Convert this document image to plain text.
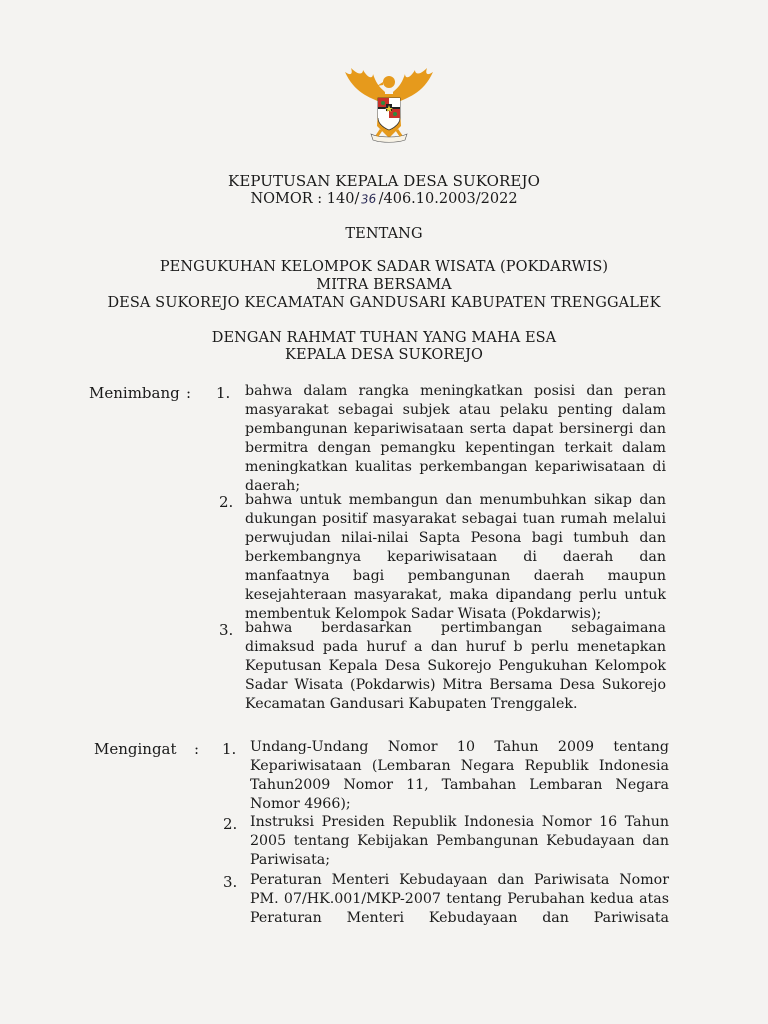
KEPUTUSAN KEPALA DESA SUKOREJO
NOMOR : 140/ 36 /406.10.2003/2022
TENTANG
PENGUKUHAN KELOMPOK SADAR WISATA (POKDARWIS)
MITRA BERSAMA
DESA SUKOREJO KECAMATAN GANDUSARI KABUPATEN TRENGGALEK
DENGAN RAHMAT TUHAN YANG MAHA ESA
KEPALA DESA SUKOREJO
Menimbang : 1. bahwa dalam rangka meningkatkan posisi dan peran masyarakat sebagai subjek atau pelaku penting dalam pembangunan kepariwisataan serta dapat bersinergi dan bermitra dengan pemangku kepentingan terkait dalam meningkatkan kualitas perkembangan kepariwisataan di daerah;
2. bahwa untuk membangun dan menumbuhkan sikap dan dukungan positif masyarakat sebagai tuan rumah melalui perwujudan nilai-nilai Sapta Pesona bagi tumbuh dan berkembangnya kepariwisataan di daerah dan manfaatnya bagi pembangunan daerah maupun kesejahteraan masyarakat, maka dipandang perlu untuk membentuk Kelompok Sadar Wisata (Pokdarwis);
3. bahwa berdasarkan pertimbangan sebagaimana dimaksud pada huruf a dan huruf b perlu menetapkan Keputusan Kepala Desa Sukorejo Pengukuhan Kelompok Sadar Wisata (Pokdarwis) Mitra Bersama Desa Sukorejo Kecamatan Gandusari Kabupaten Trenggalek.
Mengingat : 1. Undang-Undang Nomor 10 Tahun 2009 tentang Kepariwisataan (Lembaran Negara Republik Indonesia Tahun2009 Nomor 11, Tambahan Lembaran Negara Nomor 4966);
2. Instruksi Presiden Republik Indonesia Nomor 16 Tahun 2005 tentang Kebijakan Pembangunan Kebudayaan dan Pariwisata;
3. Peraturan Menteri Kebudayaan dan Pariwisata Nomor PM. 07/HK.001/MKP-2007 tentang Perubahan kedua atas Peraturan Menteri Kebudayaan dan Pariwisata
